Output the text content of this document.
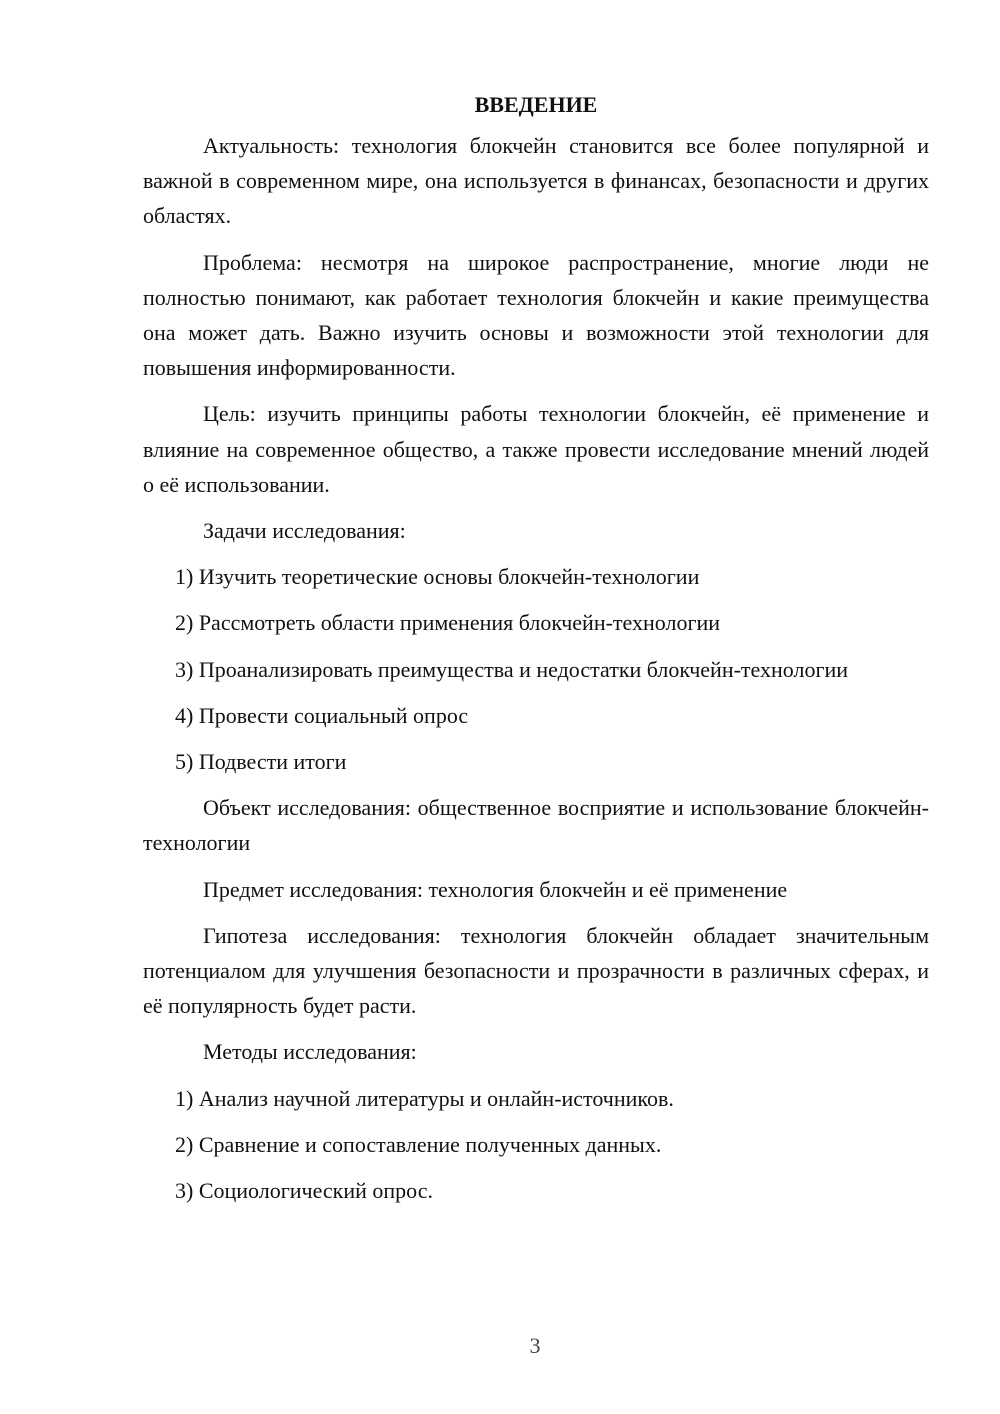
ВВЕДЕНИЕ

Актуальность: технология блокчейн становится все более популярной и важной в современном мире, она используется в финансах, безопасности и других областях.

Проблема: несмотря на широкое распространение, многие люди не полностью понимают, как работает технология блокчейн и какие преимущества она может дать. Важно изучить основы и возможности этой технологии для повышения информированности.

Цель: изучить принципы работы технологии блокчейн, её применение и влияние на современное общество, а также провести исследование мнений людей о её использовании.

Задачи исследования:

1) Изучить теоретические основы блокчейн-технологии

2) Рассмотреть области применения блокчейн-технологии

3) Проанализировать преимущества и недостатки блокчейн-технологии

4) Провести социальный опрос

5) Подвести итоги

Объект исследования: общественное восприятие и использование блокчейн-технологии

Предмет исследования: технология блокчейн и её применение

Гипотеза исследования: технология блокчейн обладает значительным потенциалом для улучшения безопасности и прозрачности в различных сферах, и её популярность будет расти.

Методы исследования:

1) Анализ научной литературы и онлайн-источников.

2) Сравнение и сопоставление полученных данных.

3) Социологический опрос.

3
